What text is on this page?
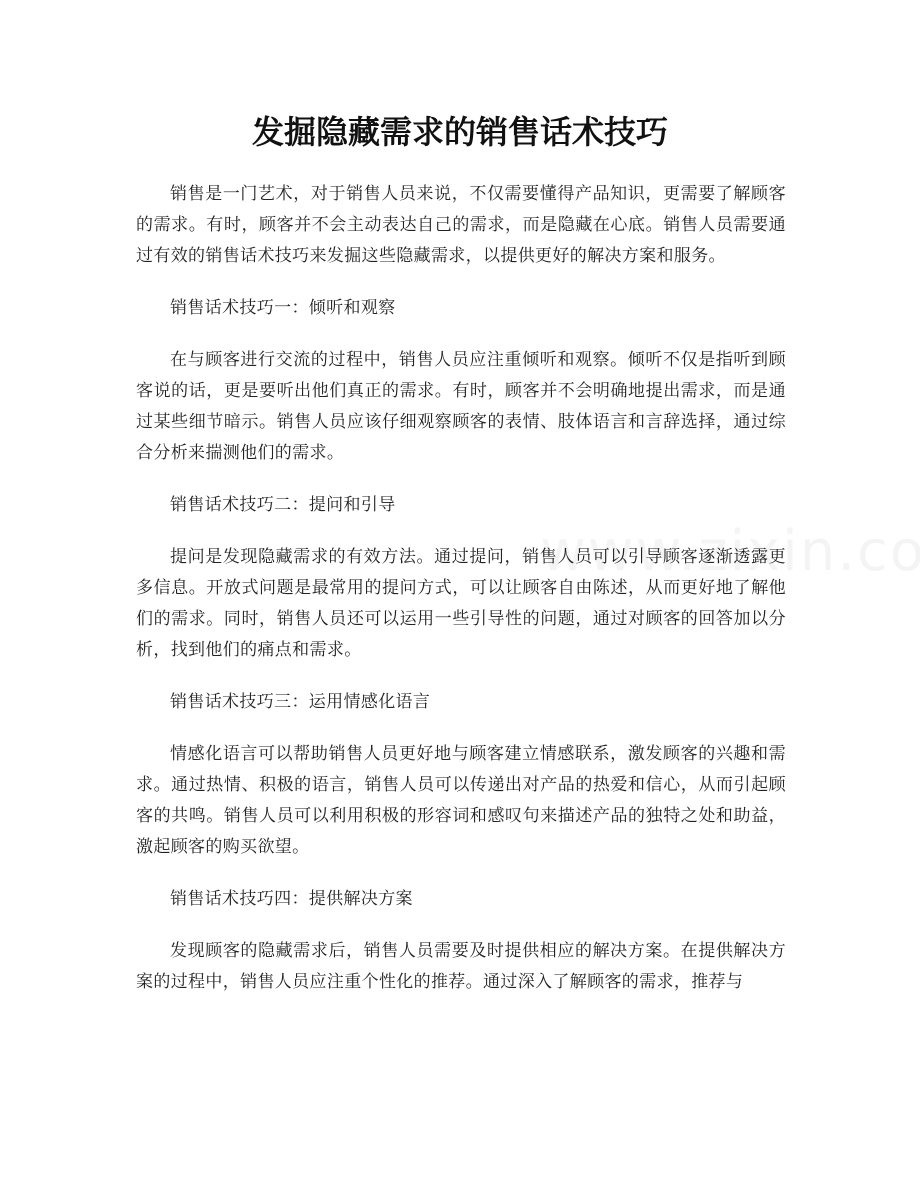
发掘隐藏需求的销售话术技巧

销售是一门艺术，对于销售人员来说，不仅需要懂得产品知识，更需要了解顾客的需求。有时，顾客并不会主动表达自己的需求，而是隐藏在心底。销售人员需要通过有效的销售话术技巧来发掘这些隐藏需求，以提供更好的解决方案和服务。

销售话术技巧一：倾听和观察

在与顾客进行交流的过程中，销售人员应注重倾听和观察。倾听不仅是指听到顾客说的话，更是要听出他们真正的需求。有时，顾客并不会明确地提出需求，而是通过某些细节暗示。销售人员应该仔细观察顾客的表情、肢体语言和言辞选择，通过综合分析来揣测他们的需求。

销售话术技巧二：提问和引导

提问是发现隐藏需求的有效方法。通过提问，销售人员可以引导顾客逐渐透露更多信息。开放式问题是最常用的提问方式，可以让顾客自由陈述，从而更好地了解他们的需求。同时，销售人员还可以运用一些引导性的问题，通过对顾客的回答加以分析，找到他们的痛点和需求。

销售话术技巧三：运用情感化语言

情感化语言可以帮助销售人员更好地与顾客建立情感联系，激发顾客的兴趣和需求。通过热情、积极的语言，销售人员可以传递出对产品的热爱和信心，从而引起顾客的共鸣。销售人员可以利用积极的形容词和感叹句来描述产品的独特之处和助益，激起顾客的购买欲望。

销售话术技巧四：提供解决方案

发现顾客的隐藏需求后，销售人员需要及时提供相应的解决方案。在提供解决方案的过程中，销售人员应注重个性化的推荐。通过深入了解顾客的需求，推荐与
